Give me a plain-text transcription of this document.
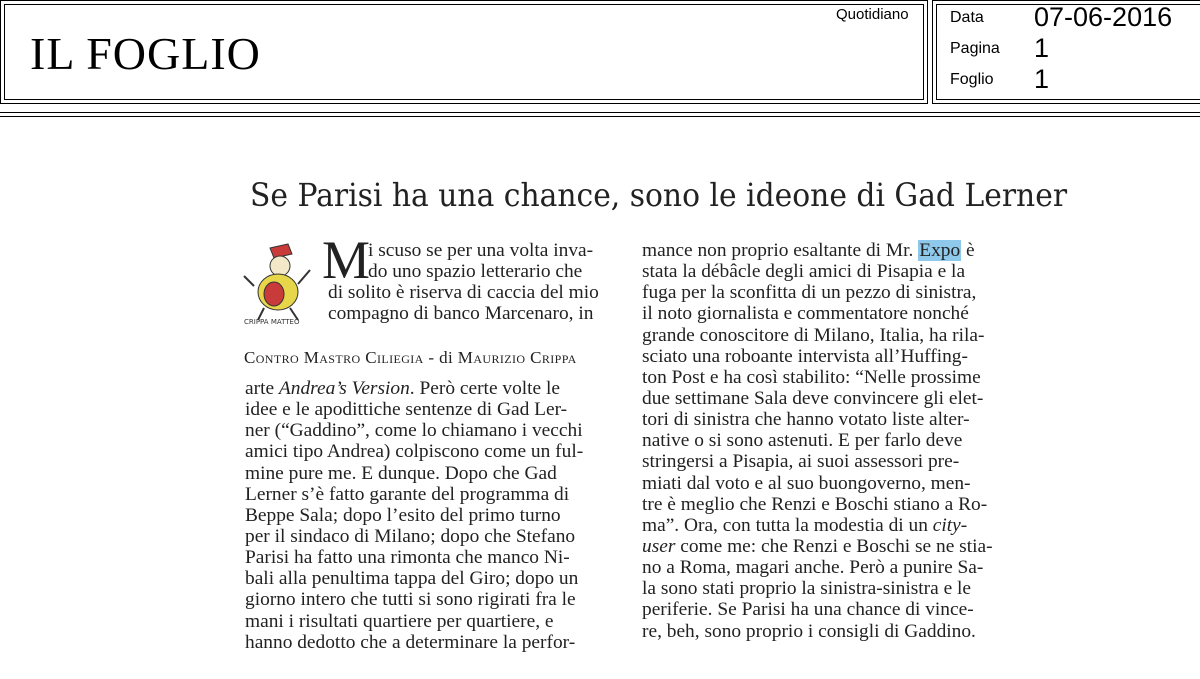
IL FOGLIO
Quotidiano	Data 07-06-2016
Pagina 1
Foglio 1
Se Parisi ha una chance, sono le ideone di Gad Lerner
CRIPPA MATTEO
M
i scuso se per una volta inva-
do uno spazio letterario che
di solito è riserva di caccia del mio
compagno di banco Marcenaro, in
Contro Mastro Ciliegia - di Maurizio Crippa
arte Andrea’s Version. Però certe volte le
idee e le apodittiche sentenze di Gad Ler-
ner (“Gaddino”, come lo chiamano i vecchi
amici tipo Andrea) colpiscono come un ful-
mine pure me. E dunque. Dopo che Gad
Lerner s’è fatto garante del programma di
Beppe Sala; dopo l’esito del primo turno
per il sindaco di Milano; dopo che Stefano
Parisi ha fatto una rimonta che manco Ni-
bali alla penultima tappa del Giro; dopo un
giorno intero che tutti si sono rigirati fra le
mani i risultati quartiere per quartiere, e
hanno dedotto che a determinare la perfor-
mance non proprio esaltante di Mr. Expo è
stata la débâcle degli amici di Pisapia e la
fuga per la sconfitta di un pezzo di sinistra,
il noto giornalista e commentatore nonché
grande conoscitore di Milano, Italia, ha rila-
sciato una roboante intervista all’Huffing-
ton Post e ha così stabilito: “Nelle prossime
due settimane Sala deve convincere gli elet-
tori di sinistra che hanno votato liste alter-
native o si sono astenuti. E per farlo deve
stringersi a Pisapia, ai suoi assessori pre-
miati dal voto e al suo buongoverno, men-
tre è meglio che Renzi e Boschi stiano a Ro-
ma”. Ora, con tutta la modestia di un city-
user come me: che Renzi e Boschi se ne stia-
no a Roma, magari anche. Però a punire Sa-
la sono stati proprio la sinistra-sinistra e le
periferie. Se Parisi ha una chance di vince-
re, beh, sono proprio i consigli di Gaddino.
